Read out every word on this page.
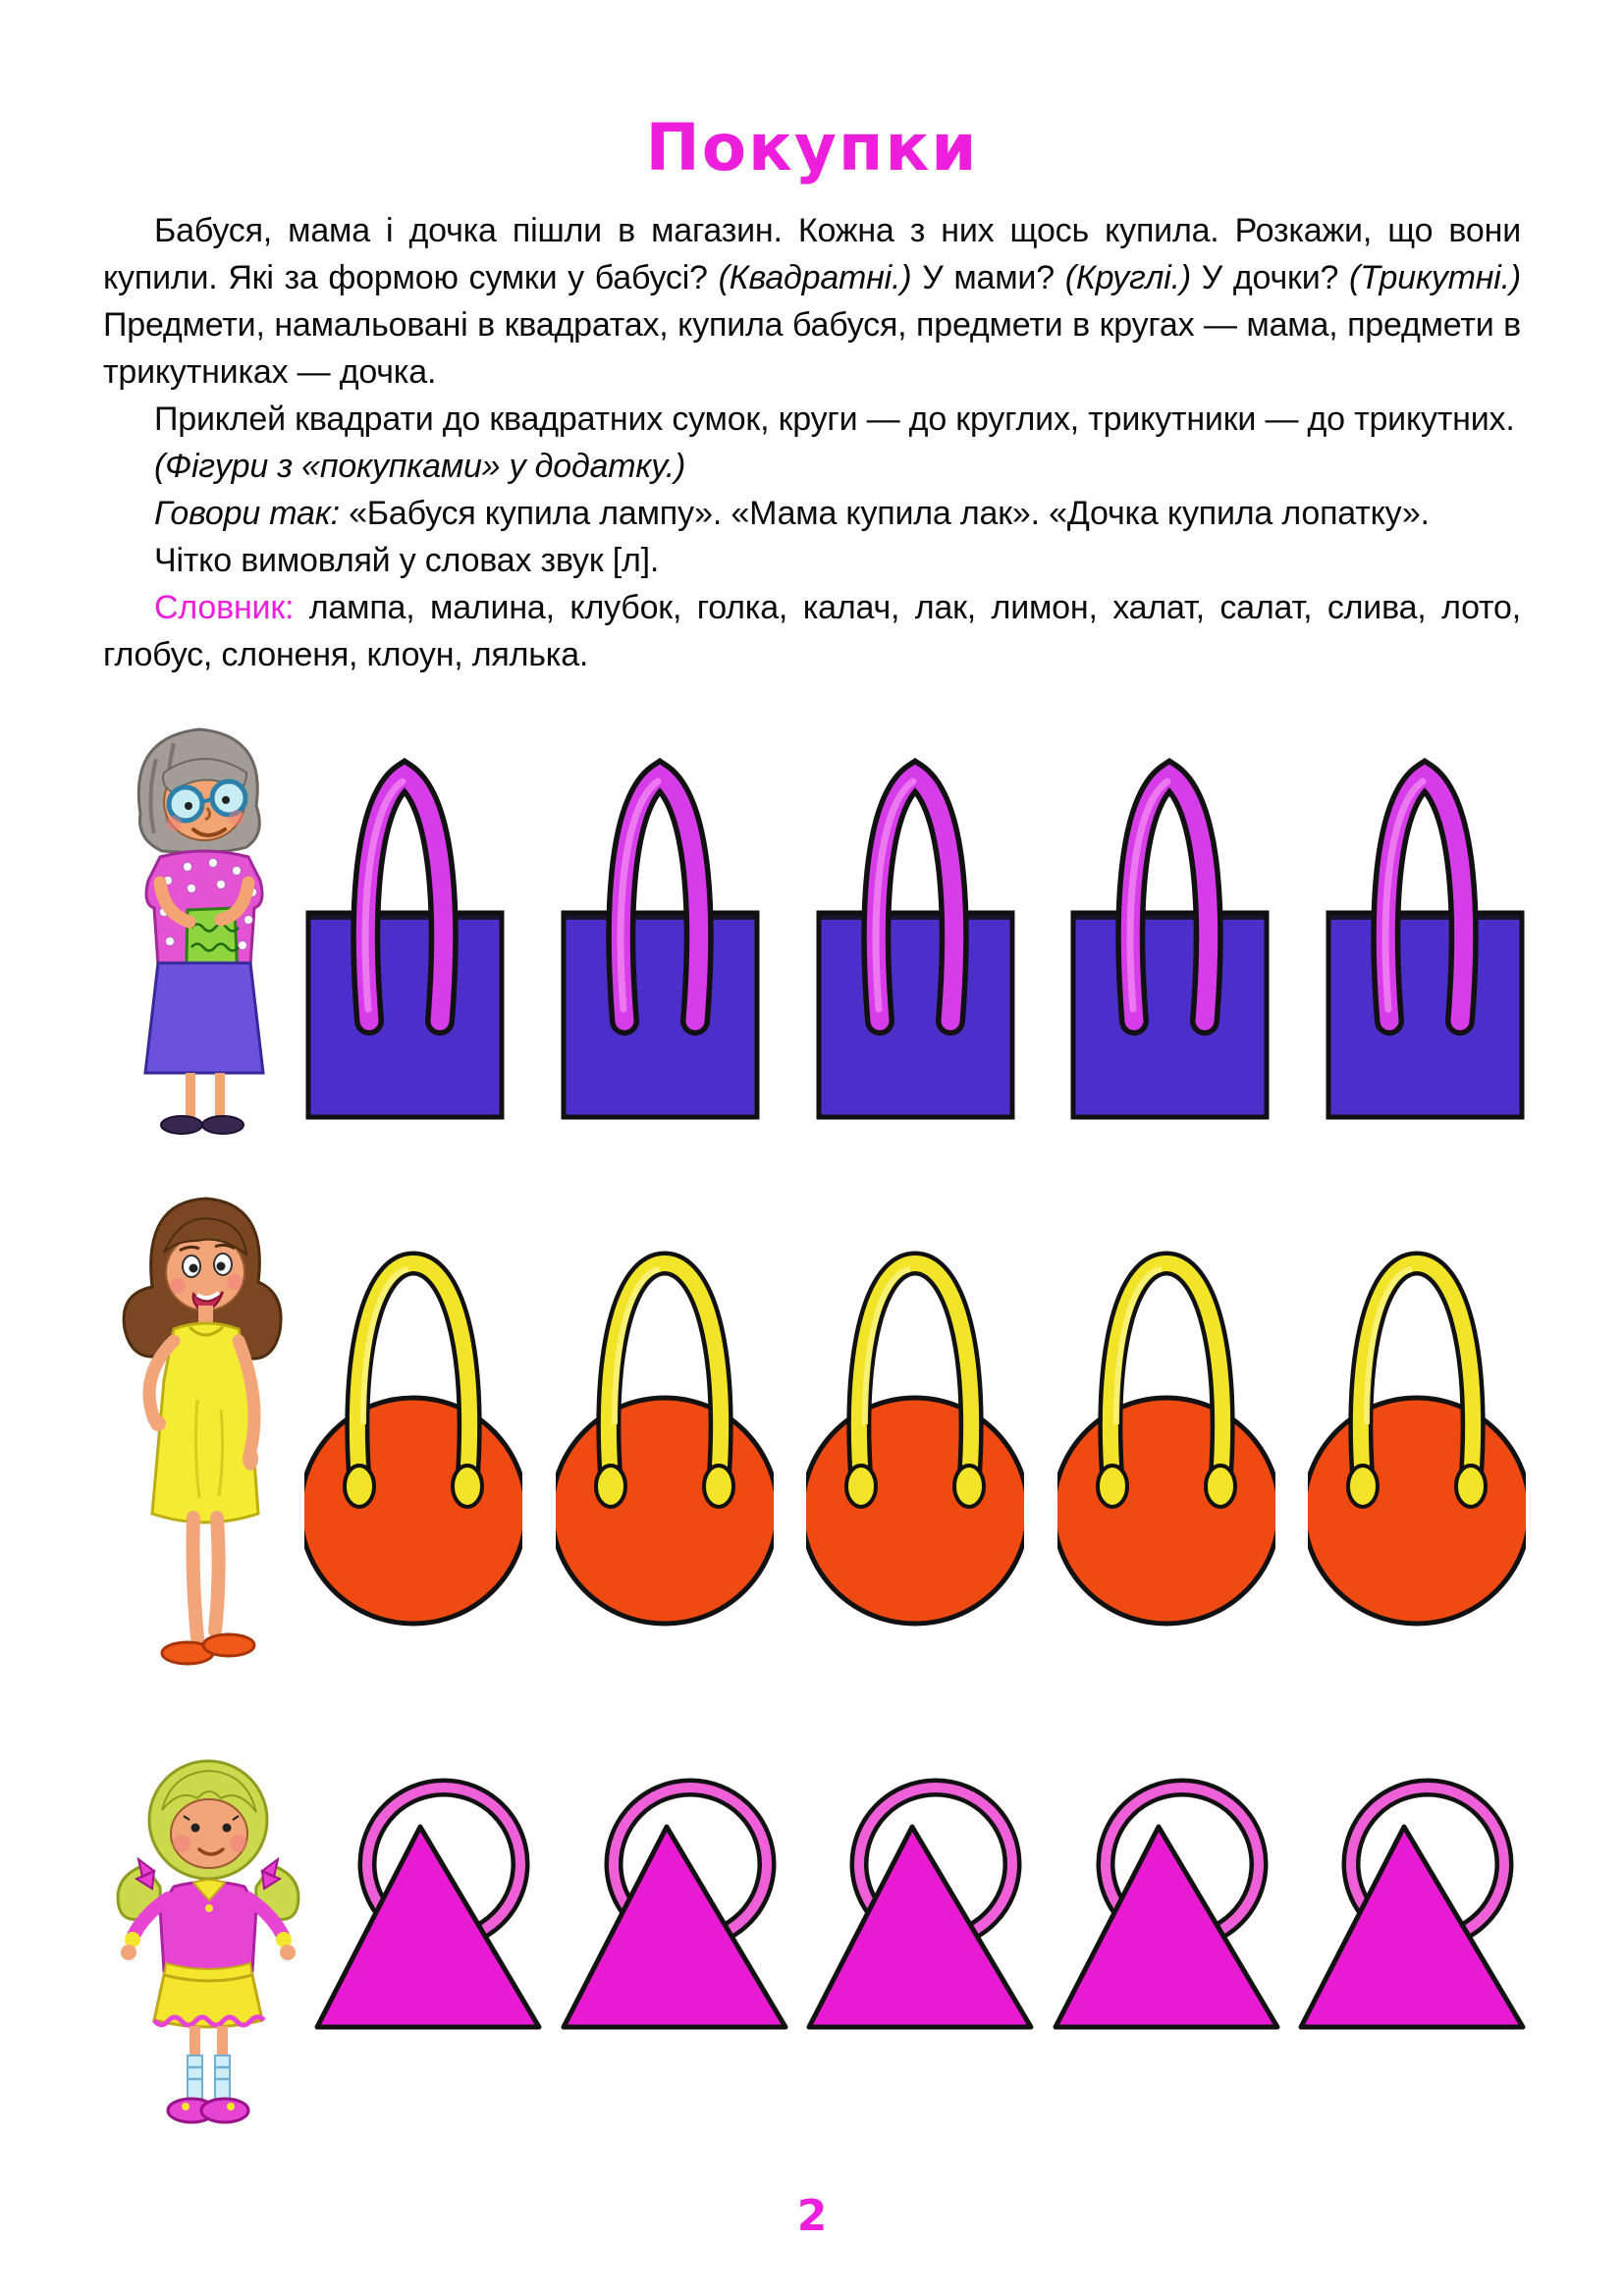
Покупки

Бабуся, мама і дочка пішли в магазин. Кожна з них щось купила. Розкажи, що вони купили. Які за формою сумки у бабусі? (Квадратні.) У мами? (Круглі.) У дочки? (Трикутні.) Предмети, намальовані в квадратах, купила бабуся, предмети в кругах — мама, предмети в трикутниках — дочка.

Приклей квадрати до квадратних сумок, круги — до круглих, трикутники — до трикутних.

(Фігури з «покупками» у додатку.)

Говори так: «Бабуся купила лампу». «Мама купила лак». «Дочка купила лопатку».

Чітко вимовляй у словах звук [л].

Словник: лампа, малина, клубок, голка, калач, лак, лимон, халат, салат, слива, лото, глобус, слоненя, клоун, лялька.

2
